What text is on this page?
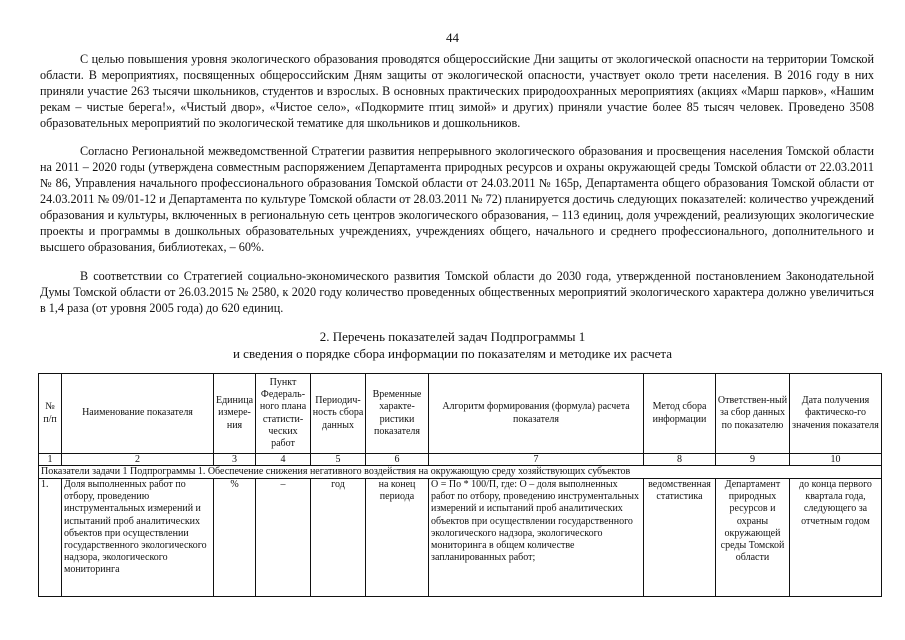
44

С целью повышения уровня экологического образования проводятся общероссийские Дни защиты от экологической опасности на территории Томской области. В мероприятиях, посвященных общероссийским Дням защиты от экологической опасности, участвует около трети населения. В 2016 году в них приняли участие 263 тысячи школьников, студентов и взрослых. В основных практических природоохранных мероприятиях (акциях «Марш парков», «Нашим рекам – чистые берега!», «Чистый двор», «Чистое село», «Подкормите птиц зимой» и других) приняли участие более 85 тысяч человек. Проведено 3508 образовательных мероприятий по экологической тематике для школьников и дошкольников.

Согласно Региональной межведомственной Стратегии развития непрерывного экологического образования и просвещения населения Томской области на 2011 – 2020 годы (утверждена совместным распоряжением Департамента природных ресурсов и охраны окружающей среды Томской области от 22.03.2011 № 86, Управления начального профессионального образования Томской области от 24.03.2011 № 165р, Департамента общего образования Томской области от 24.03.2011 № 09/01-12 и Департамента по культуре Томской области от 28.03.2011 № 72) планируется достичь следующих показателей: количество учреждений образования и культуры, включенных в региональную сеть центров экологического образования, – 113 единиц, доля учреждений, реализующих экологические проекты и программы в дошкольных образовательных учреждениях, учреждениях общего, начального и среднего профессионального, дополнительного и высшего образования, библиотеках, – 60%.

В соответствии со Стратегией социально-экономического развития Томской области до 2030 года, утвержденной постановлением Законодательной Думы Томской области от 26.03.2015 № 2580, к 2020 году количество проведенных общественных мероприятий экологического характера должно увеличиться в 1,4 раза (от уровня 2005 года) до 620 единиц.

2. Перечень показателей задач Подпрограммы 1
и сведения о порядке сбора информации по показателям и методике их расчета
№ п/п	Наименование показателя	Единица измере-ния	Пункт Федераль-ного плана статисти-ческих работ	Периодич-ность сбора данных	Временные характе-ристики показателя	Алгоритм формирования (формула) расчета показателя	Метод сбора информации	Ответствен-ный за сбор данных по показателю	Дата получения фактическо-го значения показателя
1	2	3	4	5	6	7	8	9	10
Показатели задачи 1 Подпрограммы 1. Обеспечение снижения негативного воздействия на окружающую среду хозяйствующих субъектов									
1.	Доля выполненных работ по отбору, проведению инструментальных измерений и испытаний проб аналитических объектов при осуществлении государственного экологического надзора, экологического мониторинга	%	–	год	на конец периода	О = По * 100/П, где: О – доля выполненных работ по отбору, проведению инструментальных измерений и испытаний проб аналитических объектов при осуществлении государственного экологического надзора, экологического мониторинга в общем количестве запланированных работ;	ведомственная статистика	Департамент природных ресурсов и охраны окружающей среды Томской области	до конца первого квартала года, следующего за отчетным годом
